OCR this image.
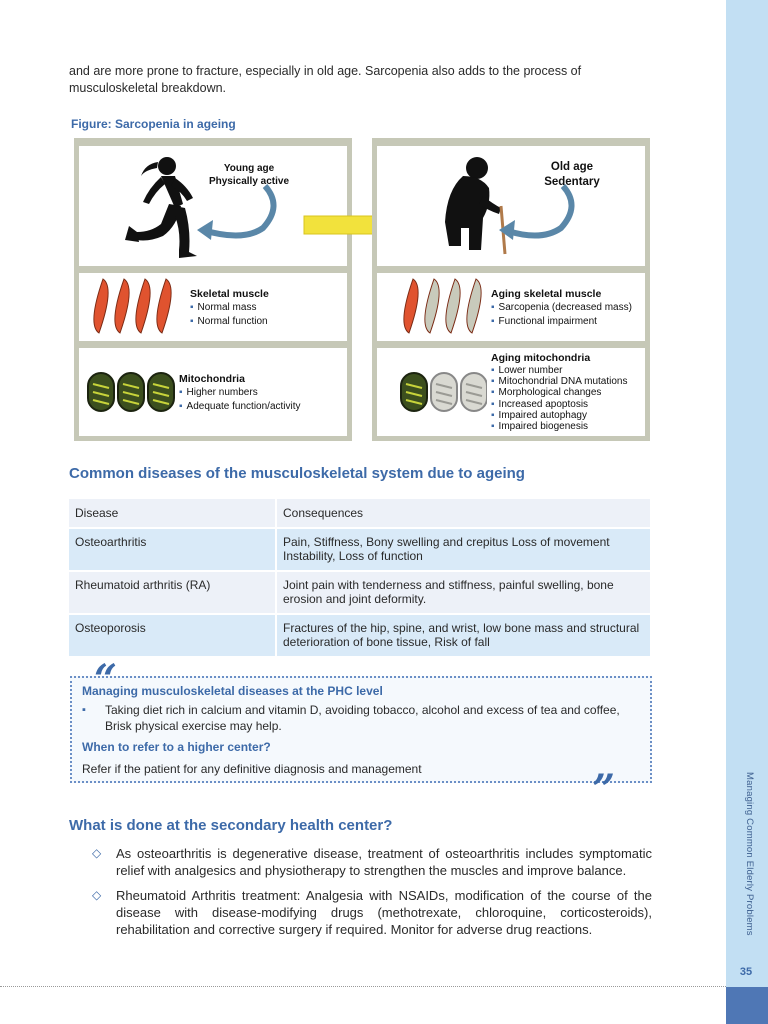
Managing Common Elderly Problems
35

and are more prone to fracture, especially in old age. Sarcopenia also adds to the process of musculoskeletal breakdown.

Figure: Sarcopenia in ageing
Young age
Physically active
Skeletal muscle
▪ Normal mass
▪ Normal function
Mitochondria
▪ Higher numbers
▪ Adequate function/activity
Old age
Sedentary
Aging skeletal muscle
▪ Sarcopenia (decreased mass)
▪ Functional impairment
Aging mitochondria
▪ Lower number
▪ Mitochondrial DNA mutations
▪ Morphological changes
▪ Increased apoptosis
▪ Impaired autophagy
▪ Impaired biogenesis
Common diseases of the musculoskeletal system due to ageing
Disease	Consequences
Osteoarthritis	Pain, Stiffness, Bony swelling and crepitus Loss of movement Instability, Loss of function
Rheumatoid arthritis (RA)	Joint pain with tenderness and stiffness, painful swelling, bone erosion and joint deformity.
Osteoporosis	Fractures of the hip, spine, and wrist, low bone mass and structural deterioration of bone tissue, Risk of fall
Managing musculoskeletal diseases at the PHC level
▪ Taking diet rich in calcium and vitamin D, avoiding tobacco, alcohol and excess of tea and coffee, Brisk physical exercise may help.
When to refer to a higher center?
Refer if the patient for any definitive diagnosis and management
“
”
What is done at the secondary health center?
◇ As osteoarthritis is degenerative disease, treatment of osteoarthritis includes symptomatic relief with analgesics and physiotherapy to strengthen the muscles and improve balance.
◇ Rheumatoid Arthritis treatment: Analgesia with NSAIDs, modification of the course of the disease with disease-modifying drugs (methotrexate, chloroquine, corticosteroids), rehabilitation and corrective surgery if required. Monitor for adverse drug reactions.
